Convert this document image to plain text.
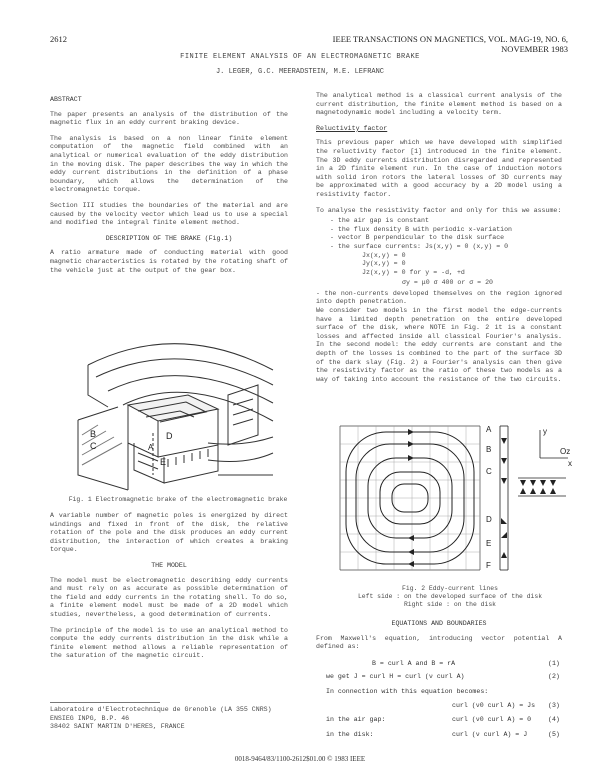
2612	IEEE TRANSACTIONS ON MAGNETICS, VOL. MAG-19, NO. 6, NOVEMBER 1983
FINITE ELEMENT ANALYSIS OF AN ELECTROMAGNETIC BRAKE
J. LEGER, G.C. MEERADSTEIN, M.E. LEFRANC
ABSTRACT

The paper presents an analysis of the distribution of the magnetic flux in an eddy current braking device.

The analysis is based on a non linear finite element computation of the magnetic field combined with an analytical or numerical evaluation of the eddy distribution in the moving disk. The paper describes the way in which the eddy current distributions in the definition of a phase boundary, which allows the determination of the electromagnetic torque.

Section III studies the boundaries of the material and are caused by the velocity vector which lead us to use a special and modified the integral finite element method.

DESCRIPTION OF THE BRAKE (Fig.1)

A ratio armature made of conducting material with good magnetic characteristics is rotated by the rotating shaft of the vehicle just at the output of the gear box.

B
C
D
A
E
Fig. 1 Electromagnetic brake of the electromagnetic brake

A variable number of magnetic poles is energized by direct windings and fixed in front of the disk, the relative rotation of the pole and the disk produces an eddy current distribution, the interaction of which creates a braking torque.

THE MODEL

The model must be electromagnetic describing eddy currents and must rely on as accurate as possible determination of the field and eddy currents in the rotating shell. To do so, a finite element model must be made of a 2D model which studies, nevertheless, a good determination of currents.

The principle of the model is to use an analytical method to compute the eddy currents distribution in the disk while a finite element method allows a reliable representation of the saturation of the magnetic circuit.

Laboratoire d'Electrotechnique de Grenoble (LA 355 CNRS)
ENSIEG INPG, B.P. 46
38402 SAINT MARTIN D'HERES, FRANCE

The analytical method is a classical current analysis of the current distribution, the finite element method is based on a magnetodynamic model including a velocity term.

Reluctivity factor

This previous paper which we have developed with simplified the reluctivity factor [1] introduced in the finite element. The 3D eddy currents distribution disregarded and represented in a 2D finite element run. In the case of induction motors with solid iron rotors the lateral losses of 3D currents may be approximated with a good accuracy by a 2D model using a resistivity factor.

To analyse the resistivity factor and only for this we assume:

- the air gap is constant
- the flux density B with periodic x-variation
- vector B perpendicular to the disk surface
- the surface currents: Js(x,y) = 0 (x,y) = 0
Jx(x,y) = 0
Jy(x,y) = 0
Jz(x,y) = 0 for y = -d, +d
σy = μ0 σ 400 or σ = 20

- the non-currents developed themselves on the region ignored into depth penetration.

We consider two models in the first model the edge-currents have a limited depth penetration on the entire developed surface of the disk, where NOTE in Fig. 2 it is a constant losses and affected inside all classical Fourier's analysis. In the second model: the eddy currents are constant and the depth of the losses is combined to the part of the surface 3D of the dark slay (Fig. 2) a Fourier's analysis can then give the resistivity factor as the ratio of these two models as a way of taking into account the resistance of the two circuits.

y
Oz
x
A
B
C
D
E
F
Fig. 2 Eddy-current lines
Left side : on the developed surface of the disk
Right side : on the disk
EQUATIONS AND BOUNDARIES

From Maxwell's equation, introducing vector potential A defined as:

B = curl A and B = rA	(1)
we get J = curl H = curl (ν curl A)	(2)
In connection with this equation becomes:
curl (ν0 curl A) = Js (3)
in the air gap:	curl (ν0 curl A) = 0	(4)
in the disk:	curl (ν curl A) = J	(5)
0018-9464/83/1100-2612$01.00 © 1983 IEEE
